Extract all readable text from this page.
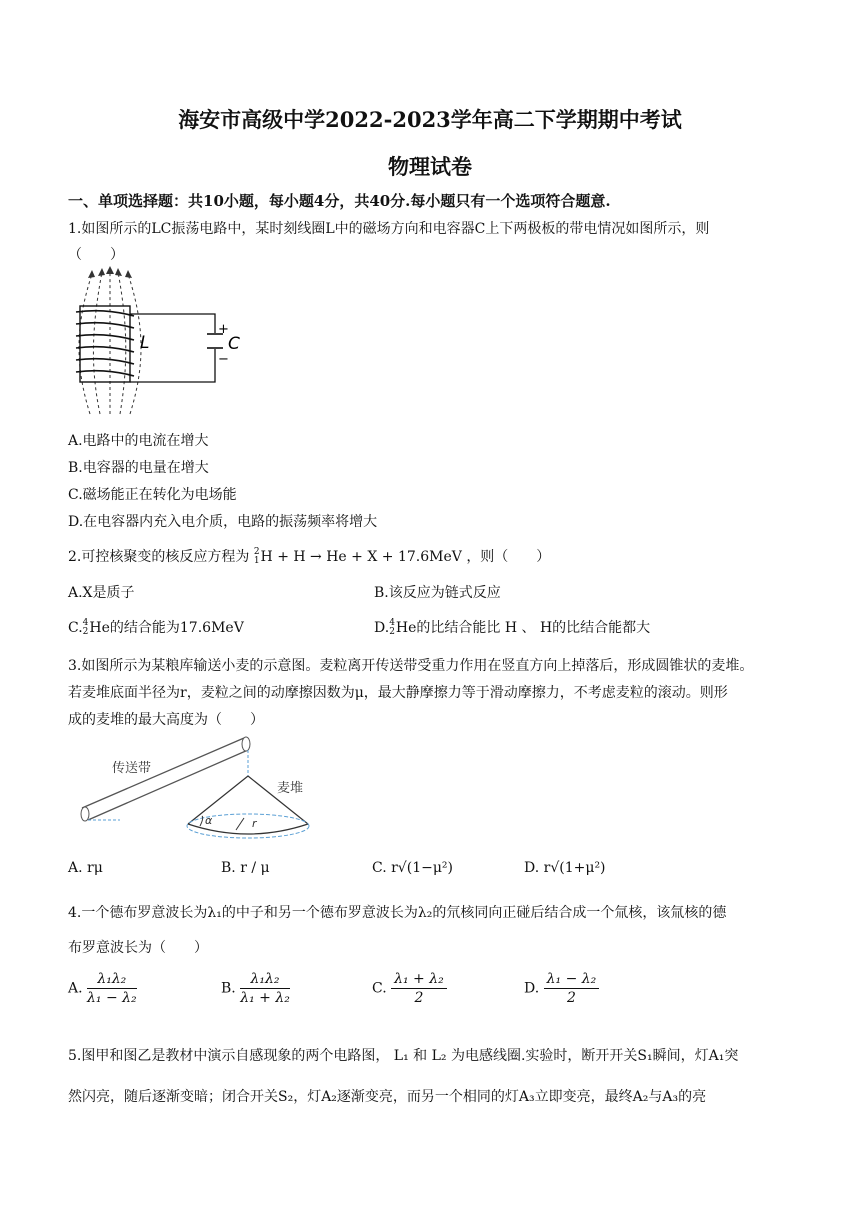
海安市高级中学2022-2023学年高二下学期期中考试
物理试卷
一、单项选择题：共10小题，每小题4分，共40分.每小题只有一个选项符合题意.
1.如图所示的LC振荡电路中，某时刻线圈L中的磁场方向和电容器C上下两极板的带电情况如图所示，则
（　　）
L	C
+
−
A.电路中的电流在增大
B.电容器的电量在增大
C.磁场能正在转化为电场能
D.在电容器内充入电介质，电路的振荡频率将增大
2.可控核聚变的核反应方程为 2
1H + H → He + X + 17.6MeV ，则（　　）
A.X是质子	B.该反应为链式反应
C.4
2He的结合能为17.6MeV	D.4
2He的比结合能比 H 、 H的比结合能都大
3.如图所示为某粮库输送小麦的示意图。麦粒离开传送带受重力作用在竖直方向上掉落后，形成圆锥状的麦堆。
若麦堆底面半径为r，麦粒之间的动摩擦因数为μ，最大静摩擦力等于滑动摩擦力，不考虑麦粒的滚动。则形
成的麦堆的最大高度为（　　）
传送带
麦堆
α	r
A. rμ	B. r / μ	C. r√(1−μ²)	D. r√(1+μ²)
4.一个德布罗意波长为λ₁的中子和另一个德布罗意波长为λ₂的氘核同向正碰后结合成一个氚核，该氚核的德
布罗意波长为（　　）
A. $\frac{\text{λ₁λ₂}}{\text{λ₁ − λ₂}}$	B. $\frac{\text{λ₁λ₂}}{\text{λ₁ + λ₂}}$	C. $\frac{\text{λ₁ + λ₂}}{2}$	D. $\frac{\text{λ₁ − λ₂}}{2}$
5.图甲和图乙是教材中演示自感现象的两个电路图， L₁ 和 L₂ 为电感线圈.实验时，断开开关S₁瞬间，灯A₁突
然闪亮，随后逐渐变暗；闭合开关S₂，灯A₂逐渐变亮，而另一个相同的灯A₃立即变亮，最终A₂与A₃的亮
